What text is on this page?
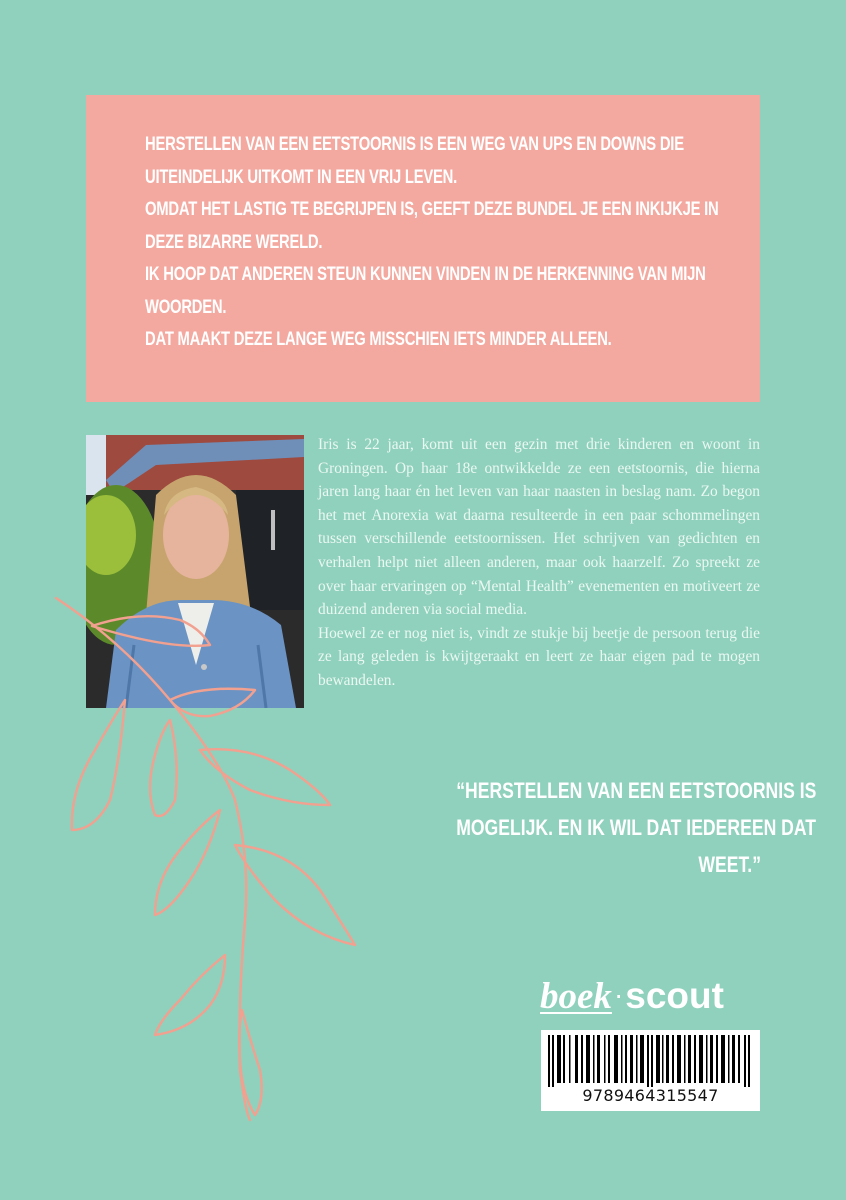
HERSTELLEN VAN EEN EETSTOORNIS IS EEN WEG VAN UPS EN DOWNS DIE

UITEINDELIJK UITKOMT IN EEN VRIJ LEVEN.

OMDAT HET LASTIG TE BEGRIJPEN IS, GEEFT DEZE BUNDEL JE EEN INKIJKJE IN

DEZE BIZARRE WERELD.

IK HOOP DAT ANDEREN STEUN KUNNEN VINDEN IN DE HERKENNING VAN MIJN

WOORDEN.

DAT MAAKT DEZE LANGE WEG MISSCHIEN IETS MINDER ALLEEN.

Iris is 22 jaar, komt uit een gezin met drie kinderen en woont in Groningen. Op haar 18e ontwikkelde ze een eetstoornis, die hierna jaren lang haar én het leven van haar naasten in beslag nam. Zo begon het met Anorexia wat daarna resulteerde in een paar schommelingen tussen verschillende eetstoornissen. Het schrijven van gedichten en verhalen helpt niet alleen anderen, maar ook haarzelf. Zo spreekt ze over haar ervaringen op “Mental Health” evenementen en motiveert ze duizend anderen via social media.

Hoewel ze er nog niet is, vindt ze stukje bij beetje de persoon terug die ze lang geleden is kwijtgeraakt en leert ze haar eigen pad te mogen bewandelen.

“HERSTELLEN VAN EEN EETSTOORNIS IS
MOGELIJK. EN IK WIL DAT IEDEREEN DAT
WEET.”
boek·scout
9789464315547
